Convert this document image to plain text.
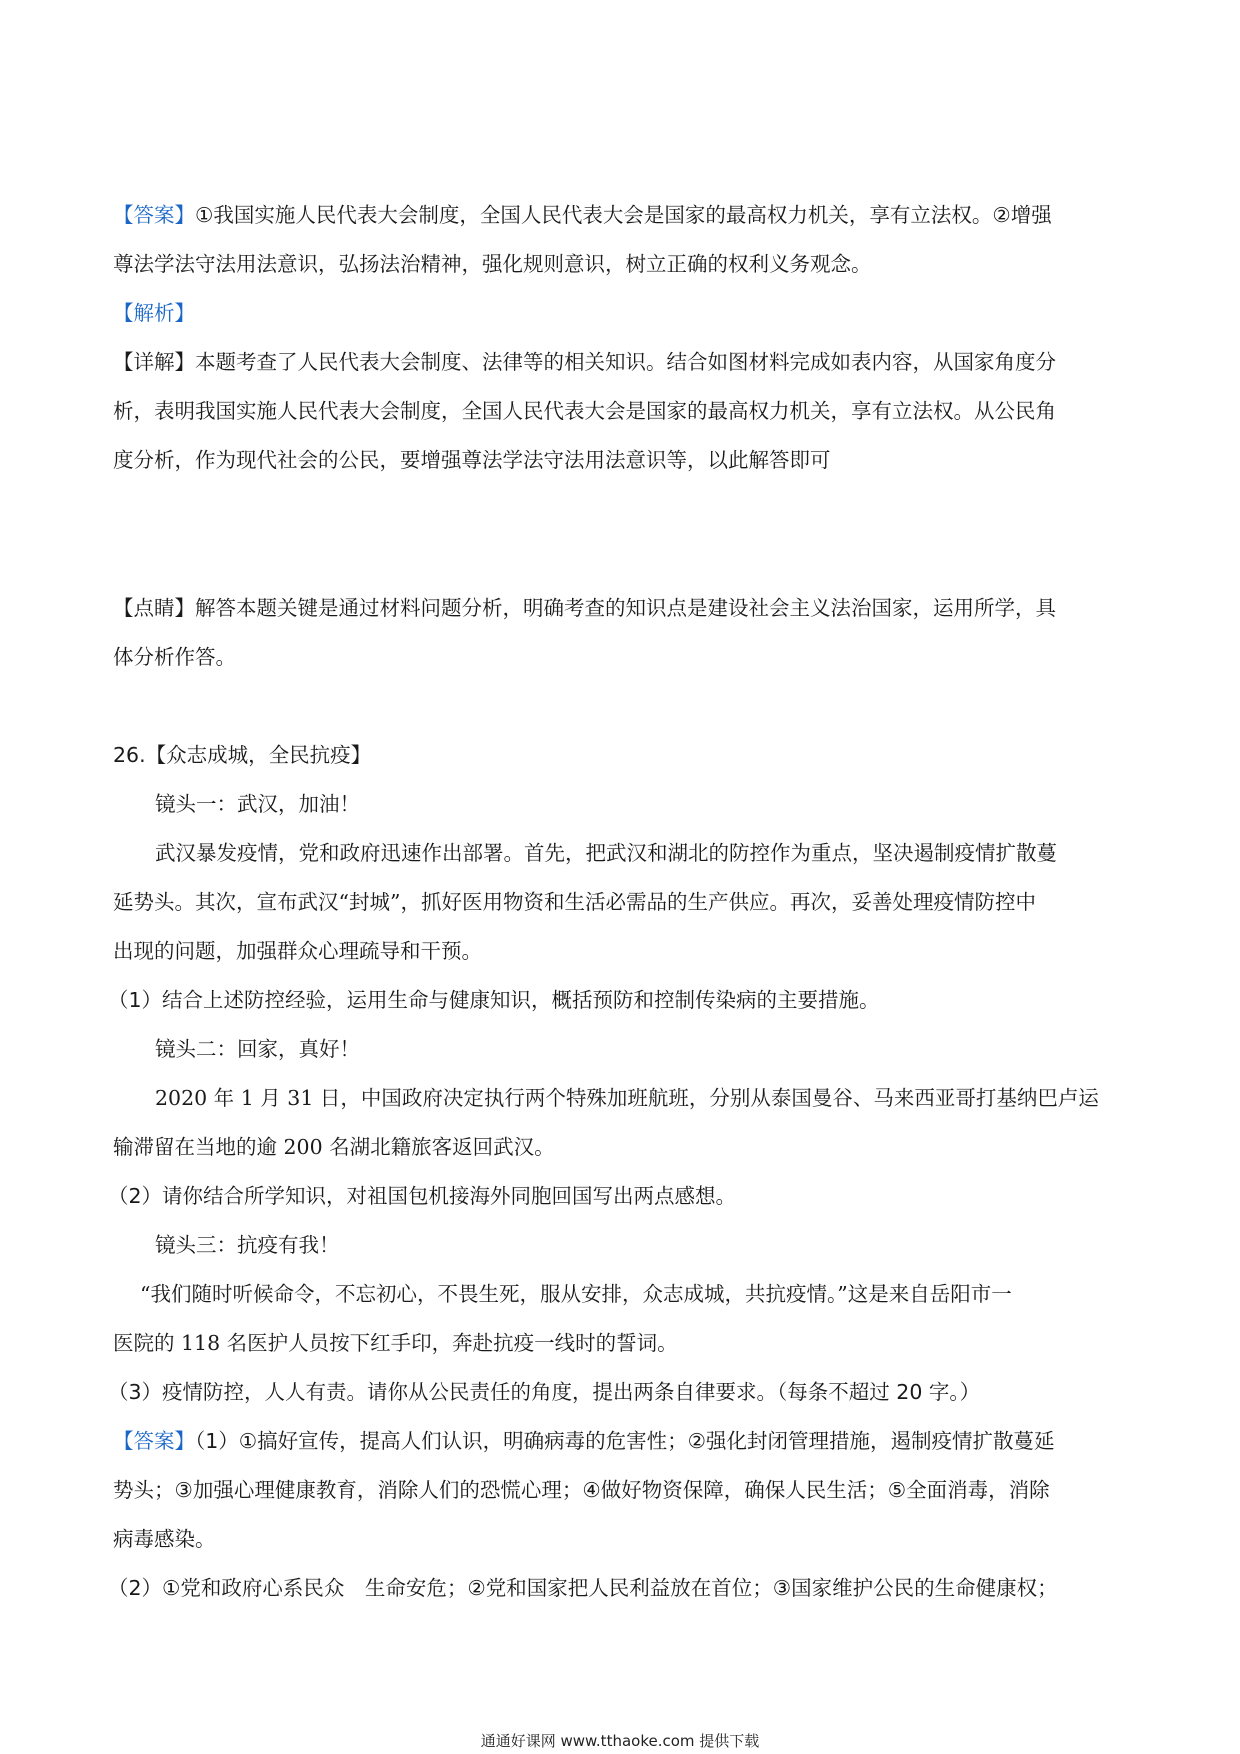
【答案】①我国实施人民代表大会制度，全国人民代表大会是国家的最高权力机关，享有立法权。②增强

尊法学法守法用法意识，弘扬法治精神，强化规则意识，树立正确的权利义务观念。

【解析】

【详解】本题考查了人民代表大会制度、法律等的相关知识。结合如图材料完成如表内容，从国家角度分

析，表明我国实施人民代表大会制度，全国人民代表大会是国家的最高权力机关，享有立法权。从公民角

度分析，作为现代社会的公民，要增强尊法学法守法用法意识等，以此解答即可

【点睛】解答本题关键是通过材料问题分析，明确考查的知识点是建设社会主义法治国家，运用所学，具

体分析作答。

26.【众志成城，全民抗疫】

镜头一：武汉，加油！

武汉暴发疫情，党和政府迅速作出部署。首先，把武汉和湖北的防控作为重点，坚决遏制疫情扩散蔓

延势头。其次，宣布武汉“封城”，抓好医用物资和生活必需品的生产供应。再次，妥善处理疫情防控中

出现的问题，加强群众心理疏导和干预。

（1）结合上述防控经验，运用生命与健康知识，概括预防和控制传染病的主要措施。

镜头二：回家，真好！

2020 年 1 月 31 日，中国政府决定执行两个特殊加班航班，分别从泰国曼谷、马来西亚哥打基纳巴卢运

输滞留在当地的逾 200 名湖北籍旅客返回武汉。

（2）请你结合所学知识，对祖国包机接海外同胞回国写出两点感想。

镜头三：抗疫有我！

“我们随时听候命令，不忘初心，不畏生死，服从安排，众志成城，共抗疫情。”这是来自岳阳市一

医院的 118 名医护人员按下红手印，奔赴抗疫一线时的誓词。

（3）疫情防控，人人有责。请你从公民责任的角度，提出两条自律要求。（每条不超过 20 字。）

【答案】（1）①搞好宣传，提高人们认识，明确病毒的危害性；②强化封闭管理措施，遏制疫情扩散蔓延

势头；③加强心理健康教育，消除人们的恐慌心理；④做好物资保障，确保人民生活；⑤全面消毒，消除

病毒感染。

（2）①党和政府心系民众　生命安危；②党和国家把人民利益放在首位；③国家维护公民的生命健康权；

通通好课网 www.tthaoke.com 提供下载
